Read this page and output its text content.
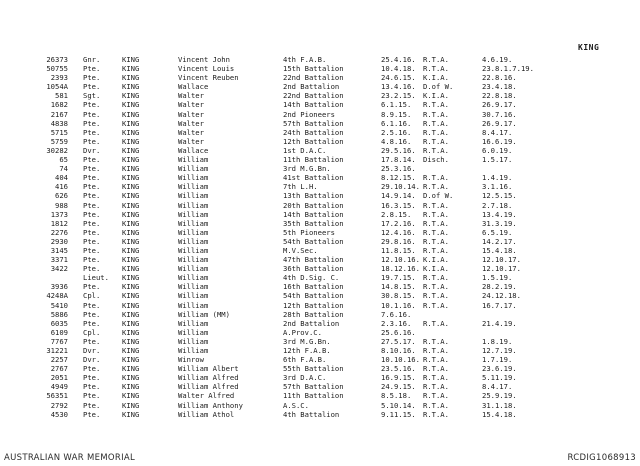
KING
26373 Gnr.	KING	Vincent John	4th F.A.B.	25.4.16. R.T.A.	4.6.19.
50755 Pte.	KING	Vincent Louis	15th Battalion	10.4.18. R.T.A.	23.8.1.7.19.
2393 Pte.	KING	Vincent Reuben	22nd Battalion	24.6.15. K.I.A.	22.8.16.
1054A Pte.	KING	Wallace	2nd Battalion	13.4.16. D.of W.	23.4.18.
581 Sgt.	KING	Walter	22nd Battalion	23.2.15. K.I.A.	22.8.18.
1682 Pte.	KING	Walter	14th Battalion	6.1.15. R.T.A.	26.9.17.
2167 Pte.	KING	Walter	2nd Pioneers	8.9.15. R.T.A.	30.7.16.
4838 Pte.	KING	Walter	57th Battalion	6.1.16. R.T.A.	26.9.17.
5715 Pte.	KING	Walter	24th Battalion	2.5.16. R.T.A.	8.4.17.
5759 Pte.	KING	Walter	12th Battalion	4.8.16. R.T.A.	16.6.19.
30282 Dvr.	KING	Wallace	1st D.A.C.	29.5.16. R.T.A.	6.0.19.
65 Pte.	KING	William	11th Battalion	17.8.14. Disch.	1.5.17.
74 Pte.	KING	William	3rd M.G.Bn.	25.3.16.
404 Pte.	KING	William	41st Battalion	8.12.15. R.T.A.	1.4.19.
416 Pte.	KING	William	7th L.H.	29.10.14. R.T.A.	3.1.16.
626 Pte.	KING	William	13th Battalion	14.9.14. D.of W.	12.5.15.
988 Pte.	KING	William	20th Battalion	16.3.15. R.T.A.	2.7.18.
1373 Pte.	KING	William	14th Battalion	2.8.15. R.T.A.	13.4.19.
1812 Pte.	KING	William	35th Battalion	17.2.16. R.T.A.	31.3.19.
2276 Pte.	KING	William	5th Pioneers	12.4.16. R.T.A.	6.5.19.
2930 Pte.	KING	William	54th Battalion	29.8.16. R.T.A.	14.2.17.
3145 Pte.	KING	William	M.V.Sec.	11.8.15. R.T.A.	15.4.18.
3371 Pte.	KING	William	47th Battalion	12.10.16. K.I.A.	12.10.17.
3422 Pte.	KING	William	36th Battalion	18.12.16. K.I.A.	12.10.17.
Lieut. KING	William	4th D.Sig. C.	19.7.15. R.T.A.	1.5.19.
3936 Pte.	KING	William	16th Battalion	14.8.15. R.T.A.	28.2.19.
4248A Cpl.	KING	William	54th Battalion	30.8.15. R.T.A.	24.12.18.
5410 Pte.	KING	William	12th Battalion	10.1.16. R.T.A.	16.7.17.
5886 Pte.	KING	William (MM)	28th Battalion	7.6.16.
6035 Pte.	KING	William	2nd Battalion	2.3.16. R.T.A.	21.4.19.
6109 Cpl.	KING	William	A.Prov.C.	25.6.16.
7767 Pte.	KING	William	3rd M.G.Bn.	27.5.17. R.T.A.	1.8.19.
31221 Dvr.	KING	William	12th F.A.B.	8.10.16. R.T.A.	12.7.19.
2257 Dvr.	KING	Winrow	6th F.A.B.	10.10.16. R.T.A.	1.7.19.
2767 Pte.	KING	William Albert	55th Battalion	23.5.16. R.T.A.	23.6.19.
2051 Pte.	KING	William Alfred	3rd D.A.C.	16.9.15. R.T.A.	5.11.19.
4949 Pte.	KING	William Alfred	57th Battalion	24.9.15. R.T.A.	8.4.17.
56351 Pte.	KING	Walter Alfred	11th Battalion	8.5.18. R.T.A.	25.9.19.
2792 Pte.	KING	William Anthony	A.S.C.	5.10.14. R.T.A.	31.1.18.
4530 Pte.	KING	William Athol	4th Battalion	9.11.15. R.T.A.	15.4.18.
AUSTRALIAN WAR MEMORIAL	RCDIG1068913
